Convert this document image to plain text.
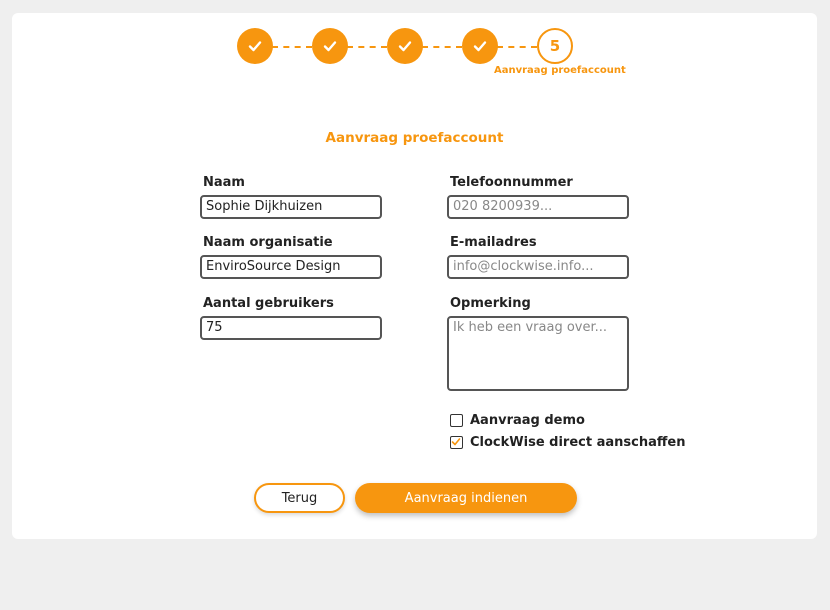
5
Aanvraag proefaccount
Aanvraag proefaccount
Naam
Sophie Dijkhuizen
Naam organisatie
EnviroSource Design
Aantal gebruikers
75
Telefoonnummer
020 8200939...
E-mailadres
info@clockwise.info...
Opmerking
Ik heb een vraag over...
Aanvraag demo
ClockWise direct aanschaffen
Terug	Aanvraag indienen
